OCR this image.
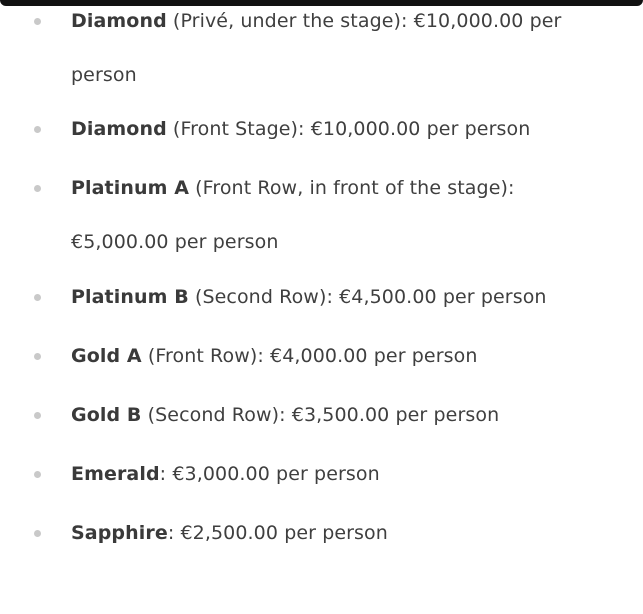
Diamond (Privé, under the stage): €10,000.00 per person
Diamond (Front Stage): €10,000.00 per person
Platinum A (Front Row, in front of the stage): €5,000.00 per person
Platinum B (Second Row): €4,500.00 per person
Gold A (Front Row): €4,000.00 per person
Gold B (Second Row): €3,500.00 per person
Emerald: €3,000.00 per person
Sapphire: €2,500.00 per person
